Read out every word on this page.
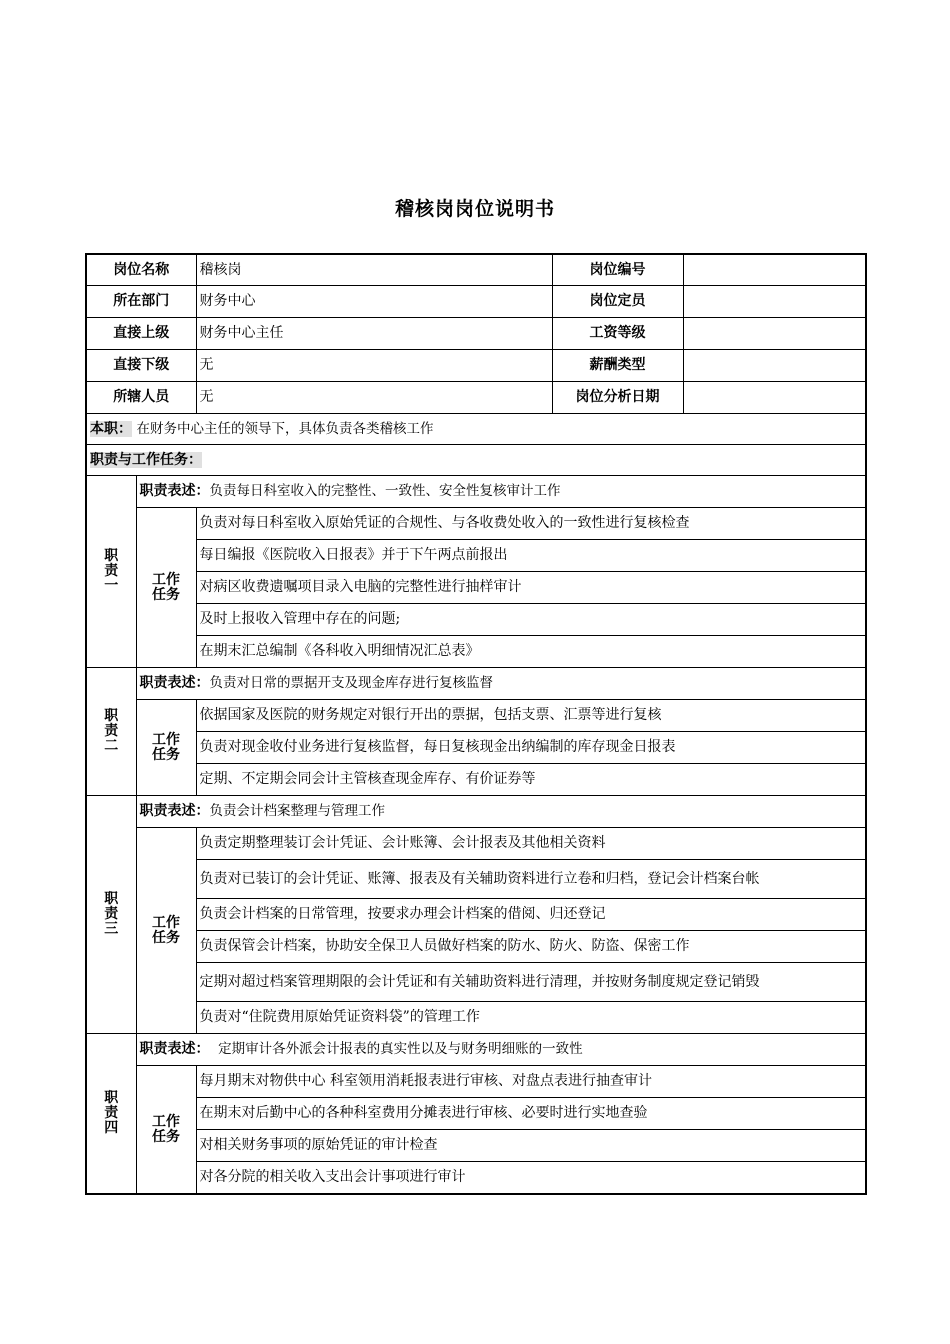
稽核岗岗位说明书
岗位名称		稽核岗	岗位编号	
所在部门		财务中心	岗位定员	
直接上级		财务中心主任	工资等级	
直接下级		无	薪酬类型	
所辖人员		无	岗位分析日期	
本职： 在财务中心主任的领导下，具体负责各类稽核工作				
职责与工作任务：				

职
责
一	职责表述：负责每日科室收入的完整性、一致性、安全性复核审计工作			

	工作
任务	负责对每日科室收入原始凭证的合规性、与各收费处收入的一致性进行复核检查		
		每日编报《医院收入日报表》并于下午两点前报出		
		对病区收费遗嘱项目录入电脑的完整性进行抽样审计		
		及时上报收入管理中存在的问题;		
		在期末汇总编制《各科收入明细情况汇总表》		

职
责
二	职责表述：负责对日常的票据开支及现金库存进行复核监督			

	工作
任务	依据国家及医院的财务规定对银行开出的票据，包括支票、汇票等进行复核		
		负责对现金收付业务进行复核监督，每日复核现金出纳编制的库存现金日报表		
		定期、不定期会同会计主管核查现金库存、有价证券等		

职
责
三	职责表述：负责会计档案整理与管理工作			

	工作
任务	负责定期整理装订会计凭证、会计账簿、会计报表及其他相关资料		
		负责对已装订的会计凭证、账簿、报表及有关辅助资料进行立卷和归档，登记会计档案台帐		
		负责会计档案的日常管理，按要求办理会计档案的借阅、归还登记		
		负责保管会计档案，协助安全保卫人员做好档案的防水、防火、防盗、保密工作		
		定期对超过档案管理期限的会计凭证和有关辅助资料进行清理，并按财务制度规定登记销毁		
		负责对“住院费用原始凭证资料袋”的管理工作		

职
责
四	职责表述：  定期审计各外派会计报表的真实性以及与财务明细账的一致性			

	工作
任务	每月期末对物供中心 科室领用消耗报表进行审核、对盘点表进行抽查审计		
		在期末对后勤中心的各种科室费用分摊表进行审核、必要时进行实地查验		
		对相关财务事项的原始凭证的审计检查		
		对各分院的相关收入支出会计事项进行审计		
